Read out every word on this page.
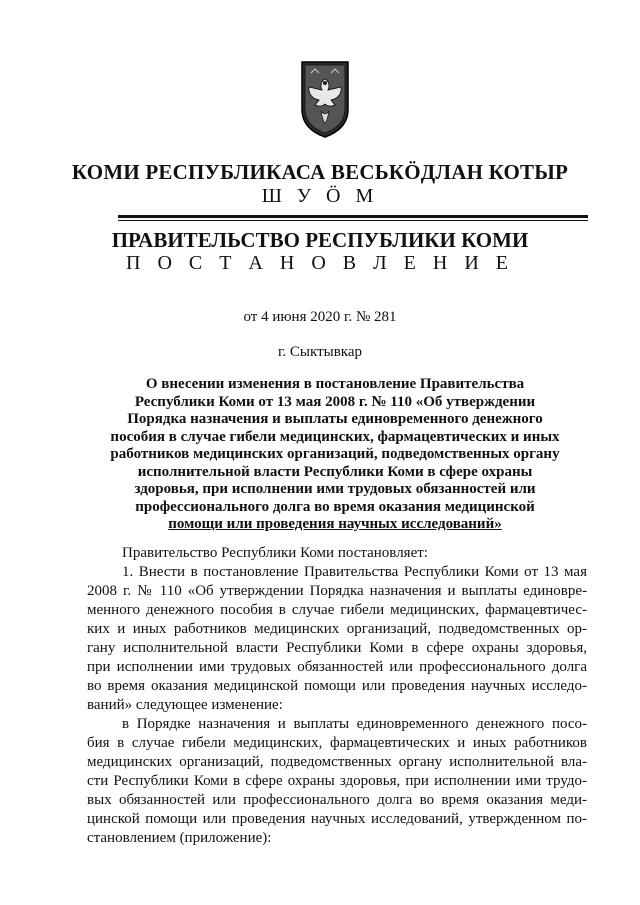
КОМИ РЕСПУБЛИКАСА ВЕСЬКӦДЛАН КОТЫР
Ш У Ӧ М
ПРАВИТЕЛЬСТВО РЕСПУБЛИКИ КОМИ
П О С Т А Н О В Л Е Н И Е
от 4 июня 2020 г. № 281
г. Сыктывкар
О внесении изменения в постановление Правительства
Республики Коми от 13 мая 2008 г. № 110 «Об утверждении
Порядка назначения и выплаты единовременного денежного
пособия в случае гибели медицинских, фармацевтических и иных
работников медицинских организаций, подведомственных органу
исполнительной власти Республики Коми в сфере охраны
здоровья, при исполнении ими трудовых обязанностей или
профессионального долга во время оказания медицинской
помощи или проведения научных исследований»
Правительство Республики Коми постановляет:
1. Внести в постановление Правительства Республики Коми от 13 мая
2008 г. № 110 «Об утверждении Порядка назначения и выплаты единовре-
менного денежного пособия в случае гибели медицинских, фармацевтичес-
ких и иных работников медицинских организаций, подведомственных ор-
гану исполнительной власти Республики Коми в сфере охраны здоровья,
при исполнении ими трудовых обязанностей или профессионального долга
во время оказания медицинской помощи или проведения научных исследо-
ваний» следующее изменение:
в Порядке назначения и выплаты единовременного денежного посо-
бия в случае гибели медицинских, фармацевтических и иных работников
медицинских организаций, подведомственных органу исполнительной вла-
сти Республики Коми в сфере охраны здоровья, при исполнении ими трудо-
вых обязанностей или профессионального долга во время оказания меди-
цинской помощи или проведения научных исследований, утвержденном по-
становлением (приложение):
